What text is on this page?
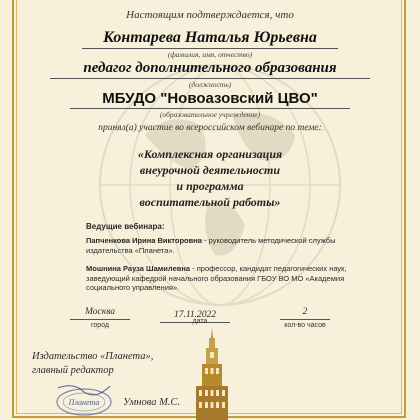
Настоящим подтверждается, что
Контарева Наталья Юрьевна
(фамилия, имя, отчество)
педагог дополнительного образования
(должность)
МБУДО "Новоазовский ЦВО"
(образовательное учреждение)
принял(а) участие во всероссийском вебинаре по теме:
«Комплексная организация
внеурочной деятельности
и программа
воспитательной работы»
Ведущие вебинара:
Папченкова Ирина Викторовна - руководитель методической службы издательства «Планета».
Мошнина Рауза Шамилевна - профессор, кандидат педагогических наук, заведующий кафедрой начального образования ГБОУ ВО МО «Академия социального управления».
Москва
город
17.11.2022
дата
2
кол-во часов
Издательство «Планета»,
главный редактор
Планета Умнова М.С.
